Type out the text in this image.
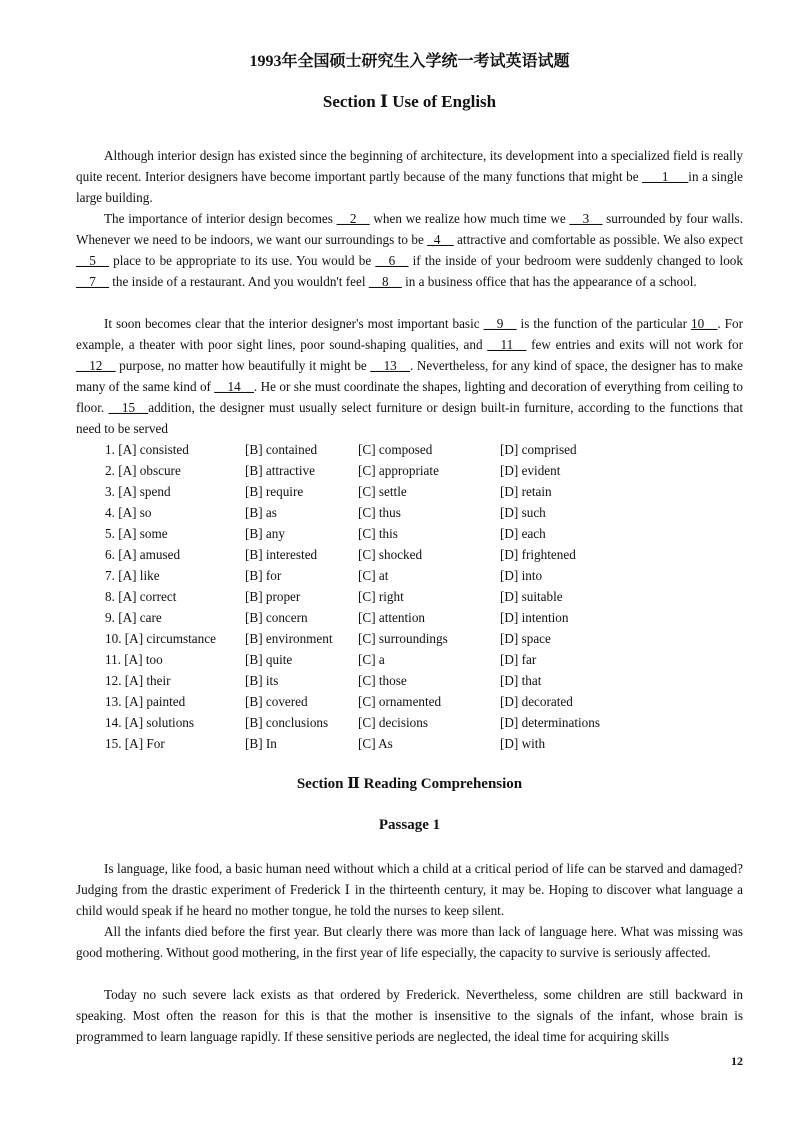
1993年全国硕士研究生入学统一考试英语试题
Section Ⅰ Use of English

Although interior design has existed since the beginning of architecture, its development into a specialized field is really quite recent. Interior designers have become important partly because of the many functions that might be ___1___in a single large building.

The importance of interior design becomes __2__ when we realize how much time we __3__ surrounded by four walls. Whenever we need to be indoors, we want our surroundings to be _4__ attractive and comfortable as possible. We also expect __5__ place to be appropriate to its use. You would be __6__ if the inside of your bedroom were suddenly changed to look __7__ the inside of a restaurant. And you wouldn't feel __8__ in a business office that has the appearance of a school.

It soon becomes clear that the interior designer's most important basic __9__ is the function of the particular 10__. For example, a theater with poor sight lines, poor sound-shaping qualities, and __11__ few entries and exits will not work for __12__ purpose, no matter how beautifully it might be __13__. Nevertheless, for any kind of space, the designer has to make many of the same kind of __14__. He or she must coordinate the shapes, lighting and decoration of everything from ceiling to floor. __15__addition, the designer must usually select furniture or design built-in furniture, according to the functions that need to be served

1. [A] consisted	[B] contained	[C] composed	[D] comprised
2. [A] obscure	[B] attractive	[C] appropriate	[D] evident
3. [A] spend	[B] require	[C] settle	[D] retain
4. [A] so	[B] as	[C] thus	[D] such
5. [A] some	[B] any	[C] this	[D] each
6. [A] amused	[B] interested	[C] shocked	[D] frightened
7. [A] like	[B] for	[C] at	[D] into
8. [A] correct	[B] proper	[C] right	[D] suitable
9. [A] care	[B] concern	[C] attention	[D] intention
10. [A] circumstance [B] environment [C] surroundings	[D] space
11. [A] too	[B] quite	[C] a	[D] far
12. [A] their	[B] its	[C] those	[D] that
13. [A] painted	[B] covered	[C] ornamented	[D] decorated
14. [A] solutions	[B] conclusions [C] decisions	[D] determinations
15. [A] For	[B] In	[C] As	[D] with
Section Ⅱ Reading Comprehension
Passage 1

Is language, like food, a basic human need without which a child at a critical period of life can be starved and damaged? Judging from the drastic experiment of Frederick Ⅰ in the thirteenth century, it may be. Hoping to discover what language a child would speak if he heard no mother tongue, he told the nurses to keep silent.

All the infants died before the first year. But clearly there was more than lack of language here. What was missing was good mothering. Without good mothering, in the first year of life especially, the capacity to survive is seriously affected.

Today no such severe lack exists as that ordered by Frederick. Nevertheless, some children are still backward in speaking. Most often the reason for this is that the mother is insensitive to the signals of the infant, whose brain is programmed to learn language rapidly. If these sensitive periods are neglected, the ideal time for acquiring skills

12
